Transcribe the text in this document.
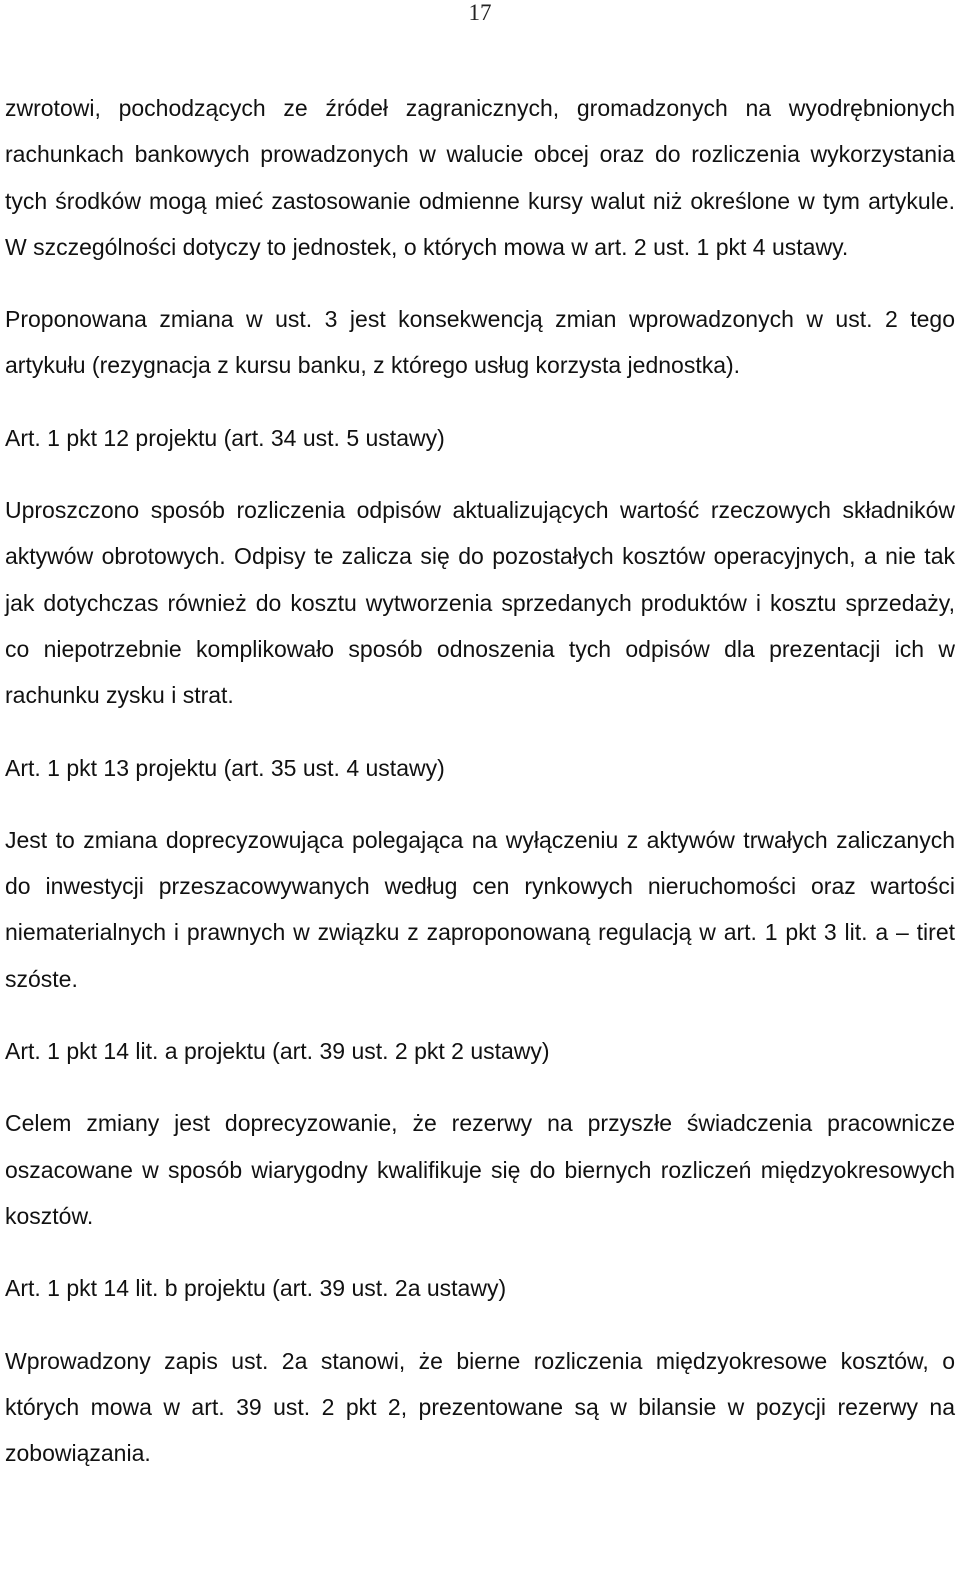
17

zwrotowi, pochodzących ze źródeł zagranicznych, gromadzonych na wyodrębnionych rachunkach bankowych prowadzonych w walucie obcej oraz do rozliczenia wykorzystania tych środków mogą mieć zastosowanie odmienne kursy walut niż określone w tym artykule. W szczególności dotyczy to jednostek, o których mowa w art. 2 ust. 1 pkt 4 ustawy.

Proponowana zmiana w ust. 3 jest konsekwencją zmian wprowadzonych w ust. 2 tego artykułu (rezygnacja z kursu banku, z którego usług korzysta jednostka).

Art. 1 pkt 12 projektu (art. 34 ust. 5 ustawy)

Uproszczono sposób rozliczenia odpisów aktualizujących wartość rzeczowych składników aktywów obrotowych. Odpisy te zalicza się do pozostałych kosztów operacyjnych, a nie tak jak dotychczas również do kosztu wytworzenia sprzedanych produktów i kosztu sprzedaży, co niepotrzebnie komplikowało sposób odnoszenia tych odpisów dla prezentacji ich w rachunku zysku i strat.

Art. 1 pkt 13 projektu (art. 35 ust. 4 ustawy)

Jest to zmiana doprecyzowująca polegająca na wyłączeniu z aktywów trwałych zaliczanych do inwestycji przeszacowywanych według cen rynkowych nieruchomości oraz wartości niematerialnych i prawnych w związku z zaproponowaną regulacją w art. 1 pkt 3 lit. a – tiret szóste.

Art. 1 pkt 14 lit. a projektu (art. 39 ust. 2 pkt 2 ustawy)

Celem zmiany jest doprecyzowanie, że rezerwy na przyszłe świadczenia pracownicze oszacowane w sposób wiarygodny kwalifikuje się do biernych rozliczeń międzyokresowych kosztów.

Art. 1 pkt 14 lit. b projektu (art. 39 ust. 2a ustawy)

Wprowadzony zapis ust. 2a stanowi, że bierne rozliczenia międzyokresowe kosztów, o których mowa w art. 39 ust. 2 pkt 2, prezentowane są w bilansie w pozycji rezerwy na zobowiązania.
